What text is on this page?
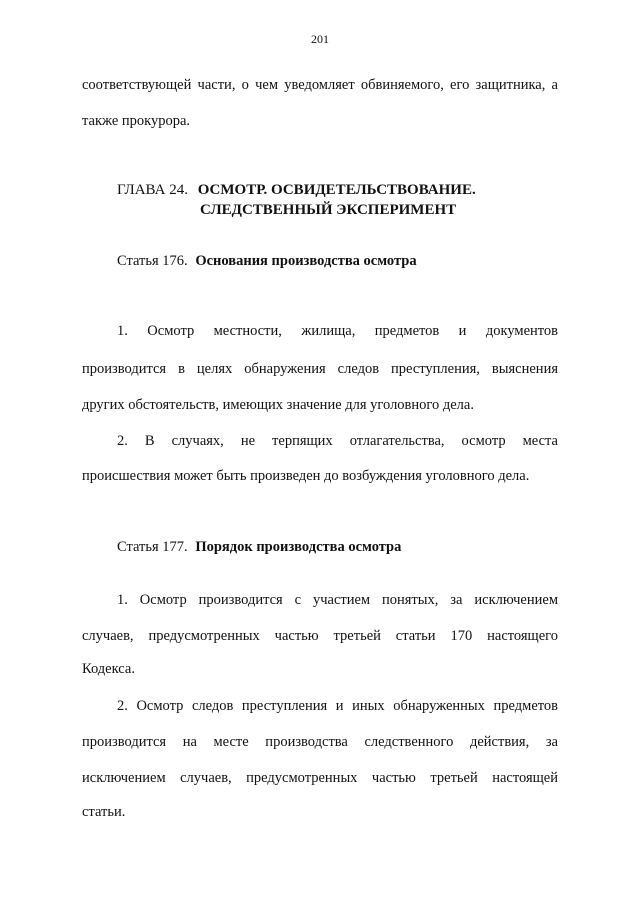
201
соответствующей части, о чем уведомляет обвиняемого, его защитника, а
также прокурора.
ГЛАВА 24. ОСМОТР. ОСВИДЕТЕЛЬСТВОВАНИЕ.
СЛЕДСТВЕННЫЙ ЭКСПЕРИМЕНТ
Статья 176. Основания производства осмотра
1. Осмотр местности, жилища, предметов и документов
производится в целях обнаружения следов преступления, выяснения
других обстоятельств, имеющих значение для уголовного дела.
2. В случаях, не терпящих отлагательства, осмотр места
происшествия может быть произведен до возбуждения уголовного дела.
Статья 177. Порядок производства осмотра
1. Осмотр производится с участием понятых, за исключением
случаев, предусмотренных частью третьей статьи 170 настоящего
Кодекса.
2. Осмотр следов преступления и иных обнаруженных предметов
производится на месте производства следственного действия, за
исключением случаев, предусмотренных частью третьей настоящей
статьи.
